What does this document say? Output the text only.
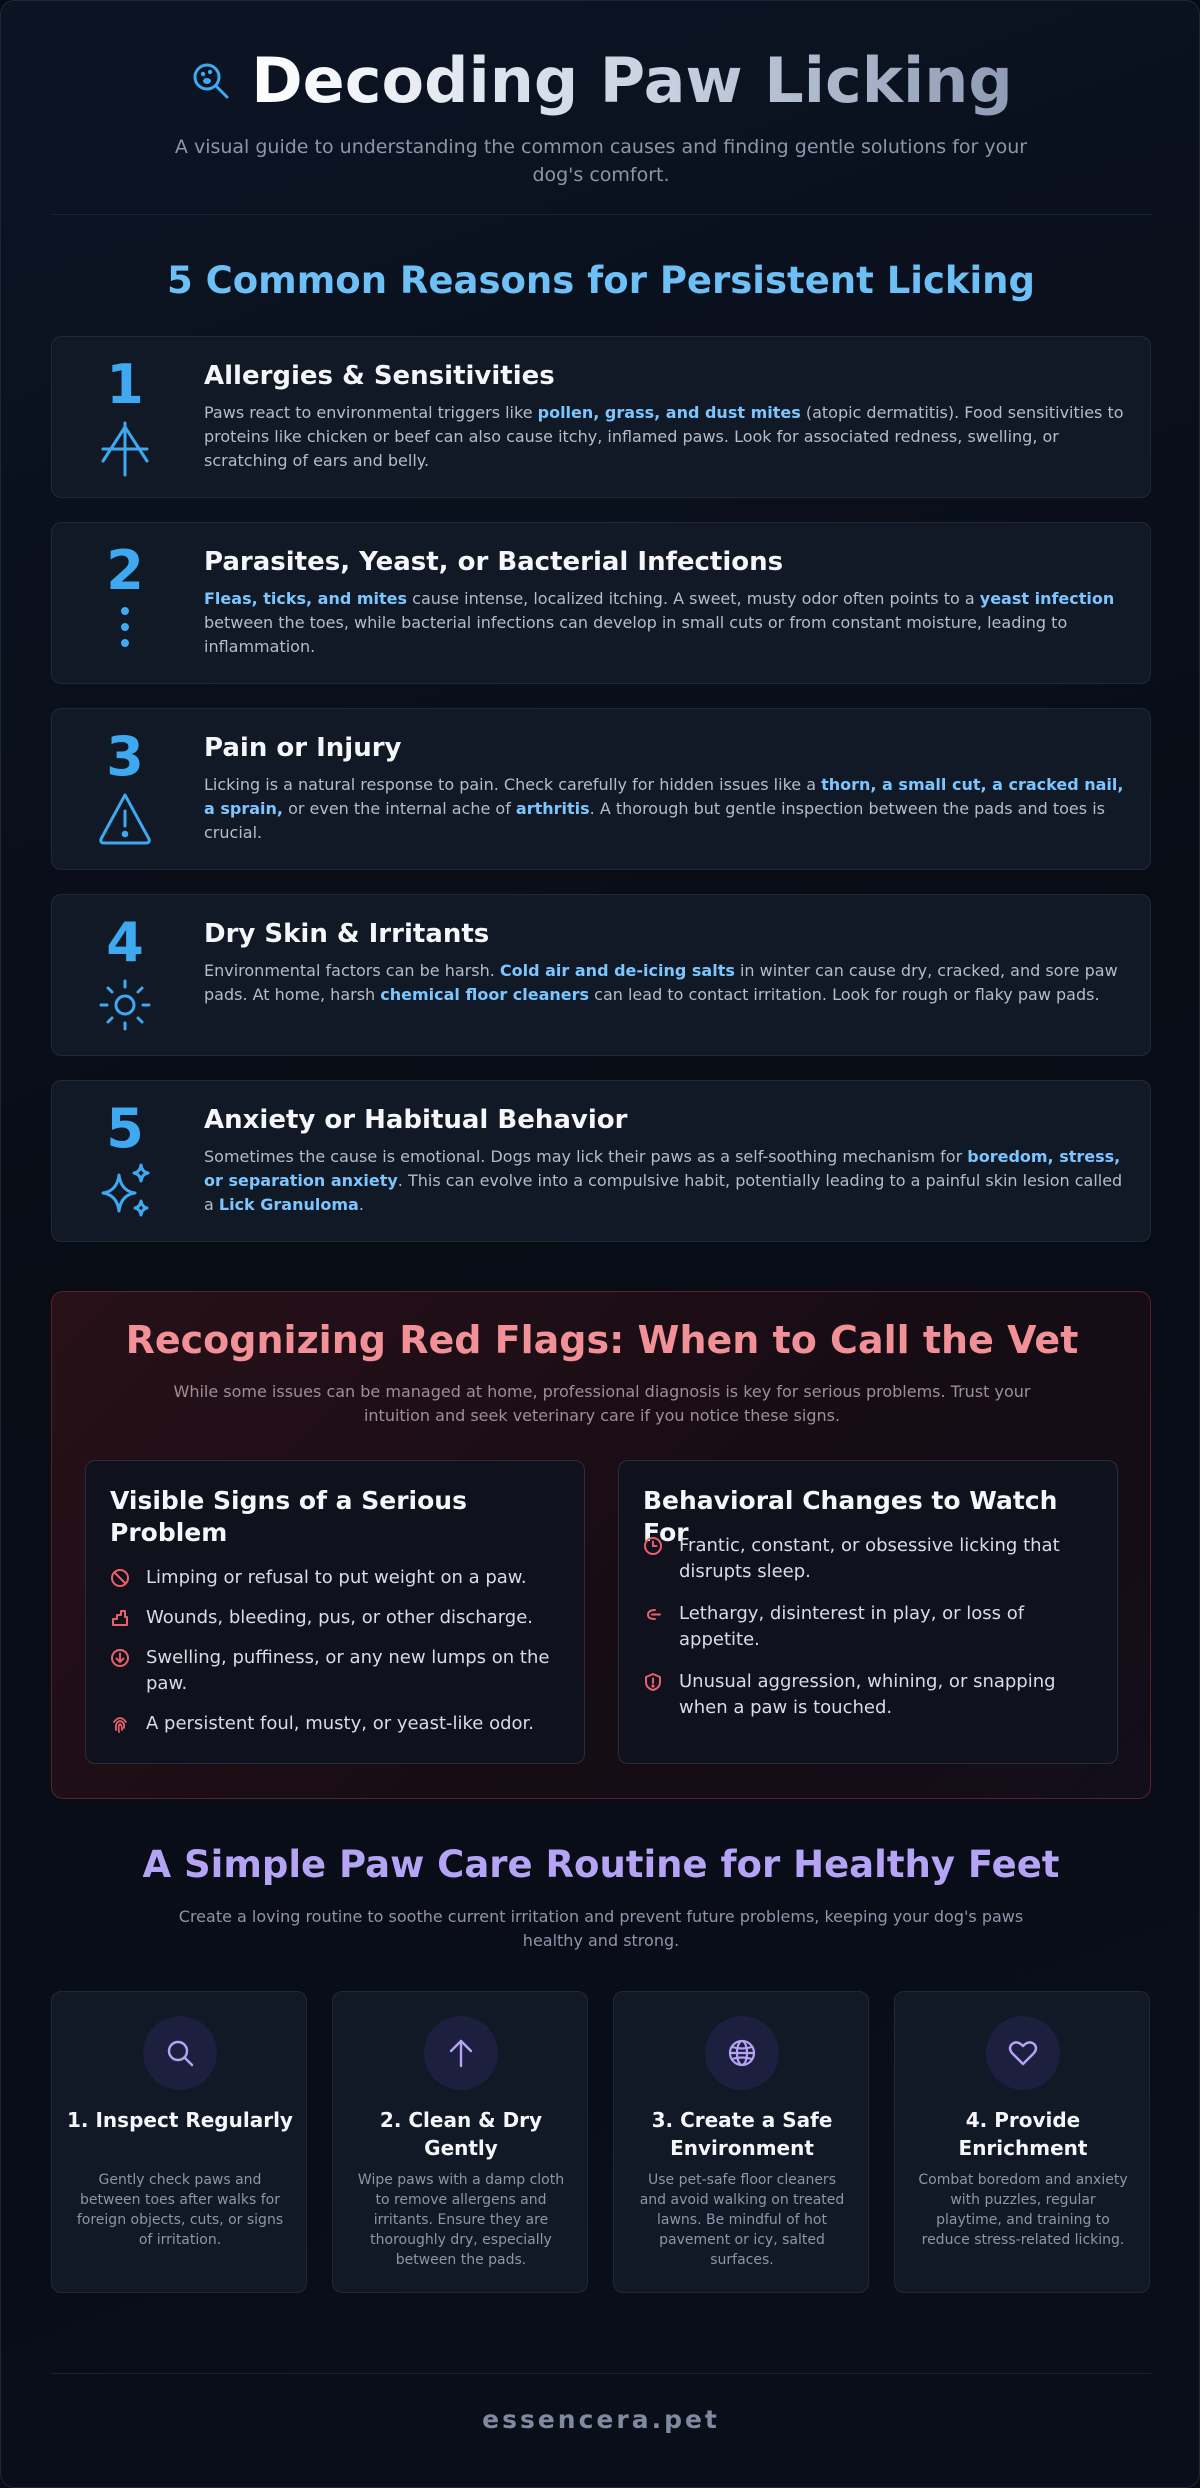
Decoding Paw Licking

A visual guide to understanding the common causes and finding gentle solutions for your dog's comfort.

5 Common Reasons for Persistent Licking
1	Allergies & Sensitivities
Paws react to environmental triggers like pollen, grass, and dust mites (atopic dermatitis). Food sensitivities to proteins like chicken or beef can also cause itchy, inflamed paws. Look for associated redness, swelling, or scratching of ears and belly.
2	Parasites, Yeast, or Bacterial Infections
Fleas, ticks, and mites cause intense, localized itching. A sweet, musty odor often points to a yeast infection between the toes, while bacterial infections can develop in small cuts or from constant moisture, leading to inflammation.
3	Pain or Injury
Licking is a natural response to pain. Check carefully for hidden issues like a thorn, a small cut, a cracked nail, a sprain, or even the internal ache of arthritis. A thorough but gentle inspection between the pads and toes is crucial.
4	Dry Skin & Irritants
Environmental factors can be harsh. Cold air and de-icing salts in winter can cause dry, cracked, and sore paw pads. At home, harsh chemical floor cleaners can lead to contact irritation. Look for rough or flaky paw pads.
5	Anxiety or Habitual Behavior
Sometimes the cause is emotional. Dogs may lick their paws as a self-soothing mechanism for boredom, stress, or separation anxiety. This can evolve into a compulsive habit, potentially leading to a painful skin lesion called a Lick Granuloma.
Recognizing Red Flags: When to Call the Vet

While some issues can be managed at home, professional diagnosis is key for serious problems. Trust your intuition and seek veterinary care if you notice these signs.

Visible Signs of a Serious Problem
Limping or refusal to put weight on a paw.
Wounds, bleeding, pus, or other discharge.
Swelling, puffiness, or any new lumps on the paw.
A persistent foul, musty, or yeast-like odor.
Behavioral Changes to Watch For
Frantic, constant, or obsessive licking that disrupts sleep.
Lethargy, disinterest in play, or loss of appetite.
Unusual aggression, whining, or snapping when a paw is touched.
A Simple Paw Care Routine for Healthy Feet

Create a loving routine to soothe current irritation and prevent future problems, keeping your dog's paws healthy and strong.

1. Inspect Regularly
Gently check paws and between toes after walks for foreign objects, cuts, or signs of irritation.
2. Clean & Dry Gently
Wipe paws with a damp cloth to remove allergens and irritants. Ensure they are thoroughly dry, especially between the pads.
3. Create a Safe Environment
Use pet-safe floor cleaners and avoid walking on treated lawns. Be mindful of hot pavement or icy, salted surfaces.
4. Provide Enrichment
Combat boredom and anxiety with puzzles, regular playtime, and training to reduce stress-related licking.
essencera.pet
